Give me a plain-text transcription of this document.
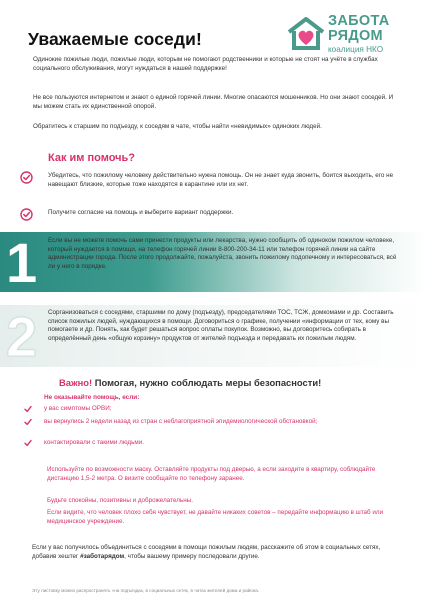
Уважаемые соседи!
ЗАБОТА
РЯДОМ
коалиция НКО

Одинокие пожилые люди, пожилые люди, которым не помогают родственники и которые не стоят на учёте в службах социального обслуживания, могут нуждаться в нашей поддержке!

Не все пользуются интернетом и знают о единой горячей линии. Многие опасаются мошенников. Но они знают соседей. И мы можем стать их единственной опорой.

Обратитесь к старшим по подъезду, к соседям в чате, чтобы найти «невидимых» одиноких людей.

Как им помочь?
Убедитесь, что пожилому человеку действительно нужна помощь. Он не знает куда звонить, боится выходить, его не навещают близкие, которые тоже находятся в карантине или их нет.
Получите согласие на помощь и выберите вариант поддержки.
1 Если вы не можете помочь сами принести продукты или лекарства, нужно сообщить об одиноком пожилом человеке, который нуждается в помощи, на телефон горячей линии 8-800-200-34-11 или телефон горячей линии на сайте администрации города. После этого продолжайте, пожалуйста, звонить пожилому подопечному и интересоваться, всё ли у него в порядке.
2 Сорганизоваться с соседями, старшими по дому (подъезду), председателями ТОС, ТСЖ, домкомами и др. Составить список пожилых людей, нуждающихся в помощи. Договориться о графике, получении «информации от тех, кому вы помогаете и др. Понять, как будет решаться вопрос оплаты покупок. Возможно, вы договоритесь собирать в определённый день «общую корзину» продуктов от жителей подъезда и передавать их пожилым людям.
Важно! Помогая, нужно соблюдать меры безопасности!
Не оказывайте помощь, если:
у вас симптомы ОРВИ;
вы вернулись 2 недели назад из стран с неблагоприятной эпидемиологической обстановкой;
контактировали с такими людьми.

Используйте по возможности маску. Оставляйте продукты под дверью, а если заходите в квартиру, соблюдайте дистанцию 1,5-2 метра. О визите сообщайте по телефону заранее.

Будьте спокойны, позитивны и доброжелательны.

Если видите, что человек плохо себя чувствует, не давайте никаких советов – передайте информацию в штаб или медицинское учреждение.

Если у вас получилось объединиться с соседями в помощи пожилым людям, расскажите об этом в социальных сетях, добавив хештег #заботарядом, чтобы вашему примеру последовали другие.

Эту листовку можно распространять «на подъездах, в социальных сетях, в чатах жителей дома и района.
